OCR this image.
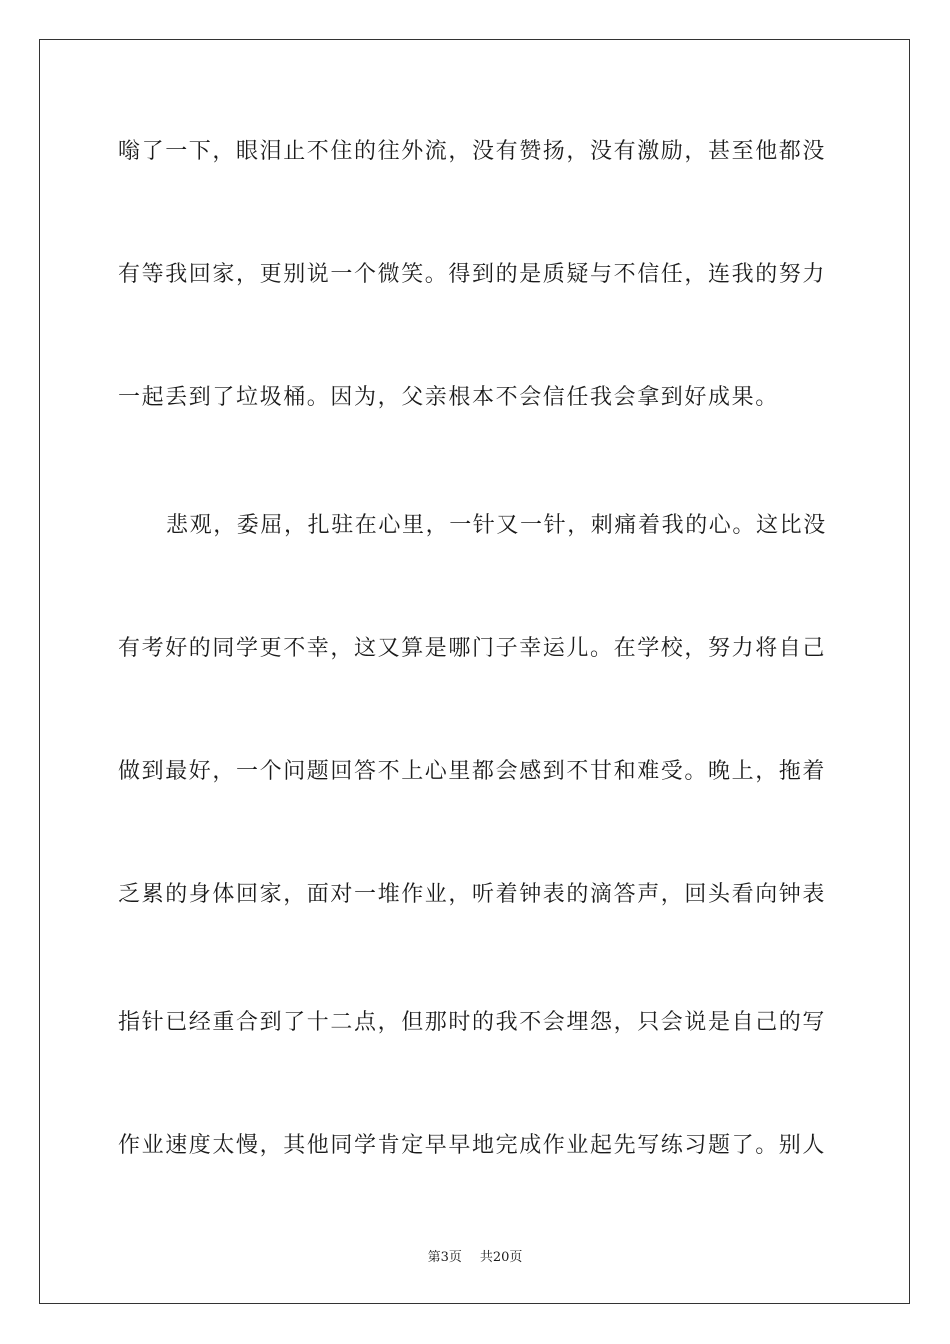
嗡了一下，眼泪止不住的往外流，没有赞扬，没有激励，甚至他都没
有等我回家，更别说一个微笑。得到的是质疑与不信任，连我的努力
一起丢到了垃圾桶。因为，父亲根本不会信任我会拿到好成果。
悲观，委屈，扎驻在心里，一针又一针，刺痛着我的心。这比没
有考好的同学更不幸，这又算是哪门子幸运儿。在学校，努力将自己
做到最好，一个问题回答不上心里都会感到不甘和难受。晚上，拖着
乏累的身体回家，面对一堆作业，听着钟表的滴答声，回头看向钟表
指针已经重合到了十二点，但那时的我不会埋怨，只会说是自己的写
作业速度太慢，其他同学肯定早早地完成作业起先写练习题了。别人
第3页 共20页
